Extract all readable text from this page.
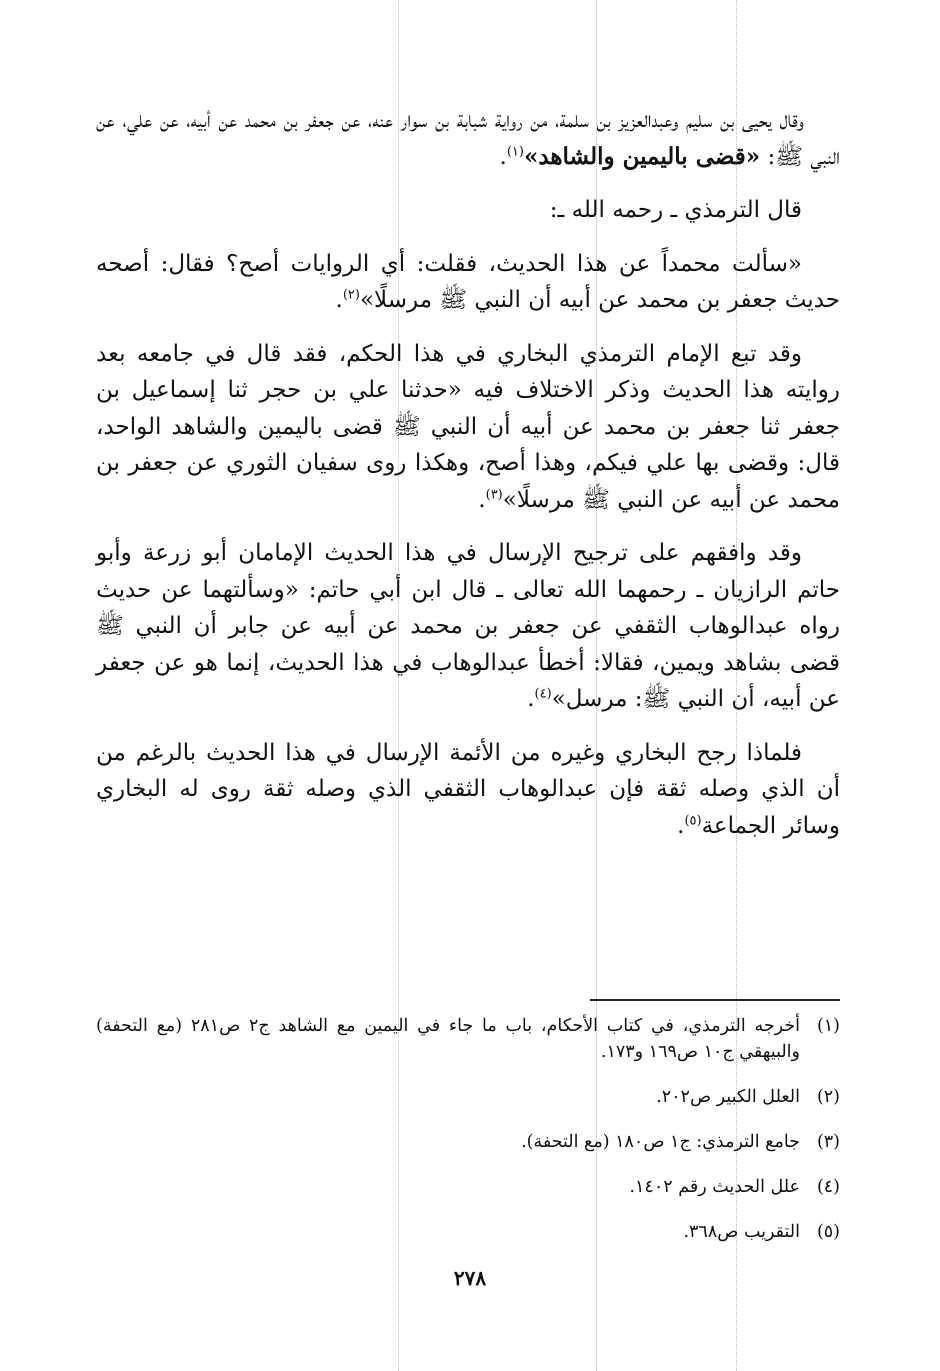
وقال يحيى بن سليم وعبدالعزيز بن سلمة، من رواية شبابة بن سوار عنه، عن جعفر بن محمد عن أبيه، عن علي، عن النبي ﷺ: «قضى باليمين والشاهد»$^{(١)}$.

قال الترمذي ـ رحمه الله ـ:

«سألت محمداً عن هذا الحديث، فقلت: أي الروايات أصح؟ فقال: أصحه حديث جعفر بن محمد عن أبيه أن النبي ﷺ مرسلًا»$^{(٢)}$.

وقد تبع الإمام الترمذي البخاري في هذا الحكم، فقد قال في جامعه بعد روايته هذا الحديث وذكر الاختلاف فيه «حدثنا علي بن حجر ثنا إسماعيل بن جعفر ثنا جعفر بن محمد عن أبيه أن النبي ﷺ قضى باليمين والشاهد الواحد، قال: وقضى بها علي فيكم، وهذا أصح، وهكذا روى سفيان الثوري عن جعفر بن محمد عن أبيه عن النبي ﷺ مرسلًا»$^{(٣)}$.

وقد وافقهم على ترجيح الإرسال في هذا الحديث الإمامان أبو زرعة وأبو حاتم الرازيان ـ رحمهما الله تعالى ـ قال ابن أبي حاتم: «وسألتهما عن حديث رواه عبدالوهاب الثقفي عن جعفر بن محمد عن أبيه عن جابر أن النبي ﷺ قضى بشاهد ويمين، فقالا: أخطأ عبدالوهاب في هذا الحديث، إنما هو عن جعفر عن أبيه، أن النبي ﷺ: مرسل»$^{(٤)}$.

فلماذا رجح البخاري وغيره من الأئمة الإرسال في هذا الحديث بالرغم من أن الذي وصله ثقة فإن عبدالوهاب الثقفي الذي وصله ثقة روى له البخاري وسائر الجماعة$^{(٥)}$.

(١)
أخرجه الترمذي، في كتاب الأحكام، باب ما جاء في اليمين مع الشاهد ج٢ ص٢٨١ (مع التحفة) والبيهقي ج١٠ ص١٦٩ و١٧٣.
(٢)
العلل الكبير ص٢٠٢.
(٣)
جامع الترمذي: ج١ ص١٨٠ (مع التحفة).
(٤)
علل الحديث رقم ١٤٠٢.
(٥)
التقريب ص٣٦٨.
٢٧٨
